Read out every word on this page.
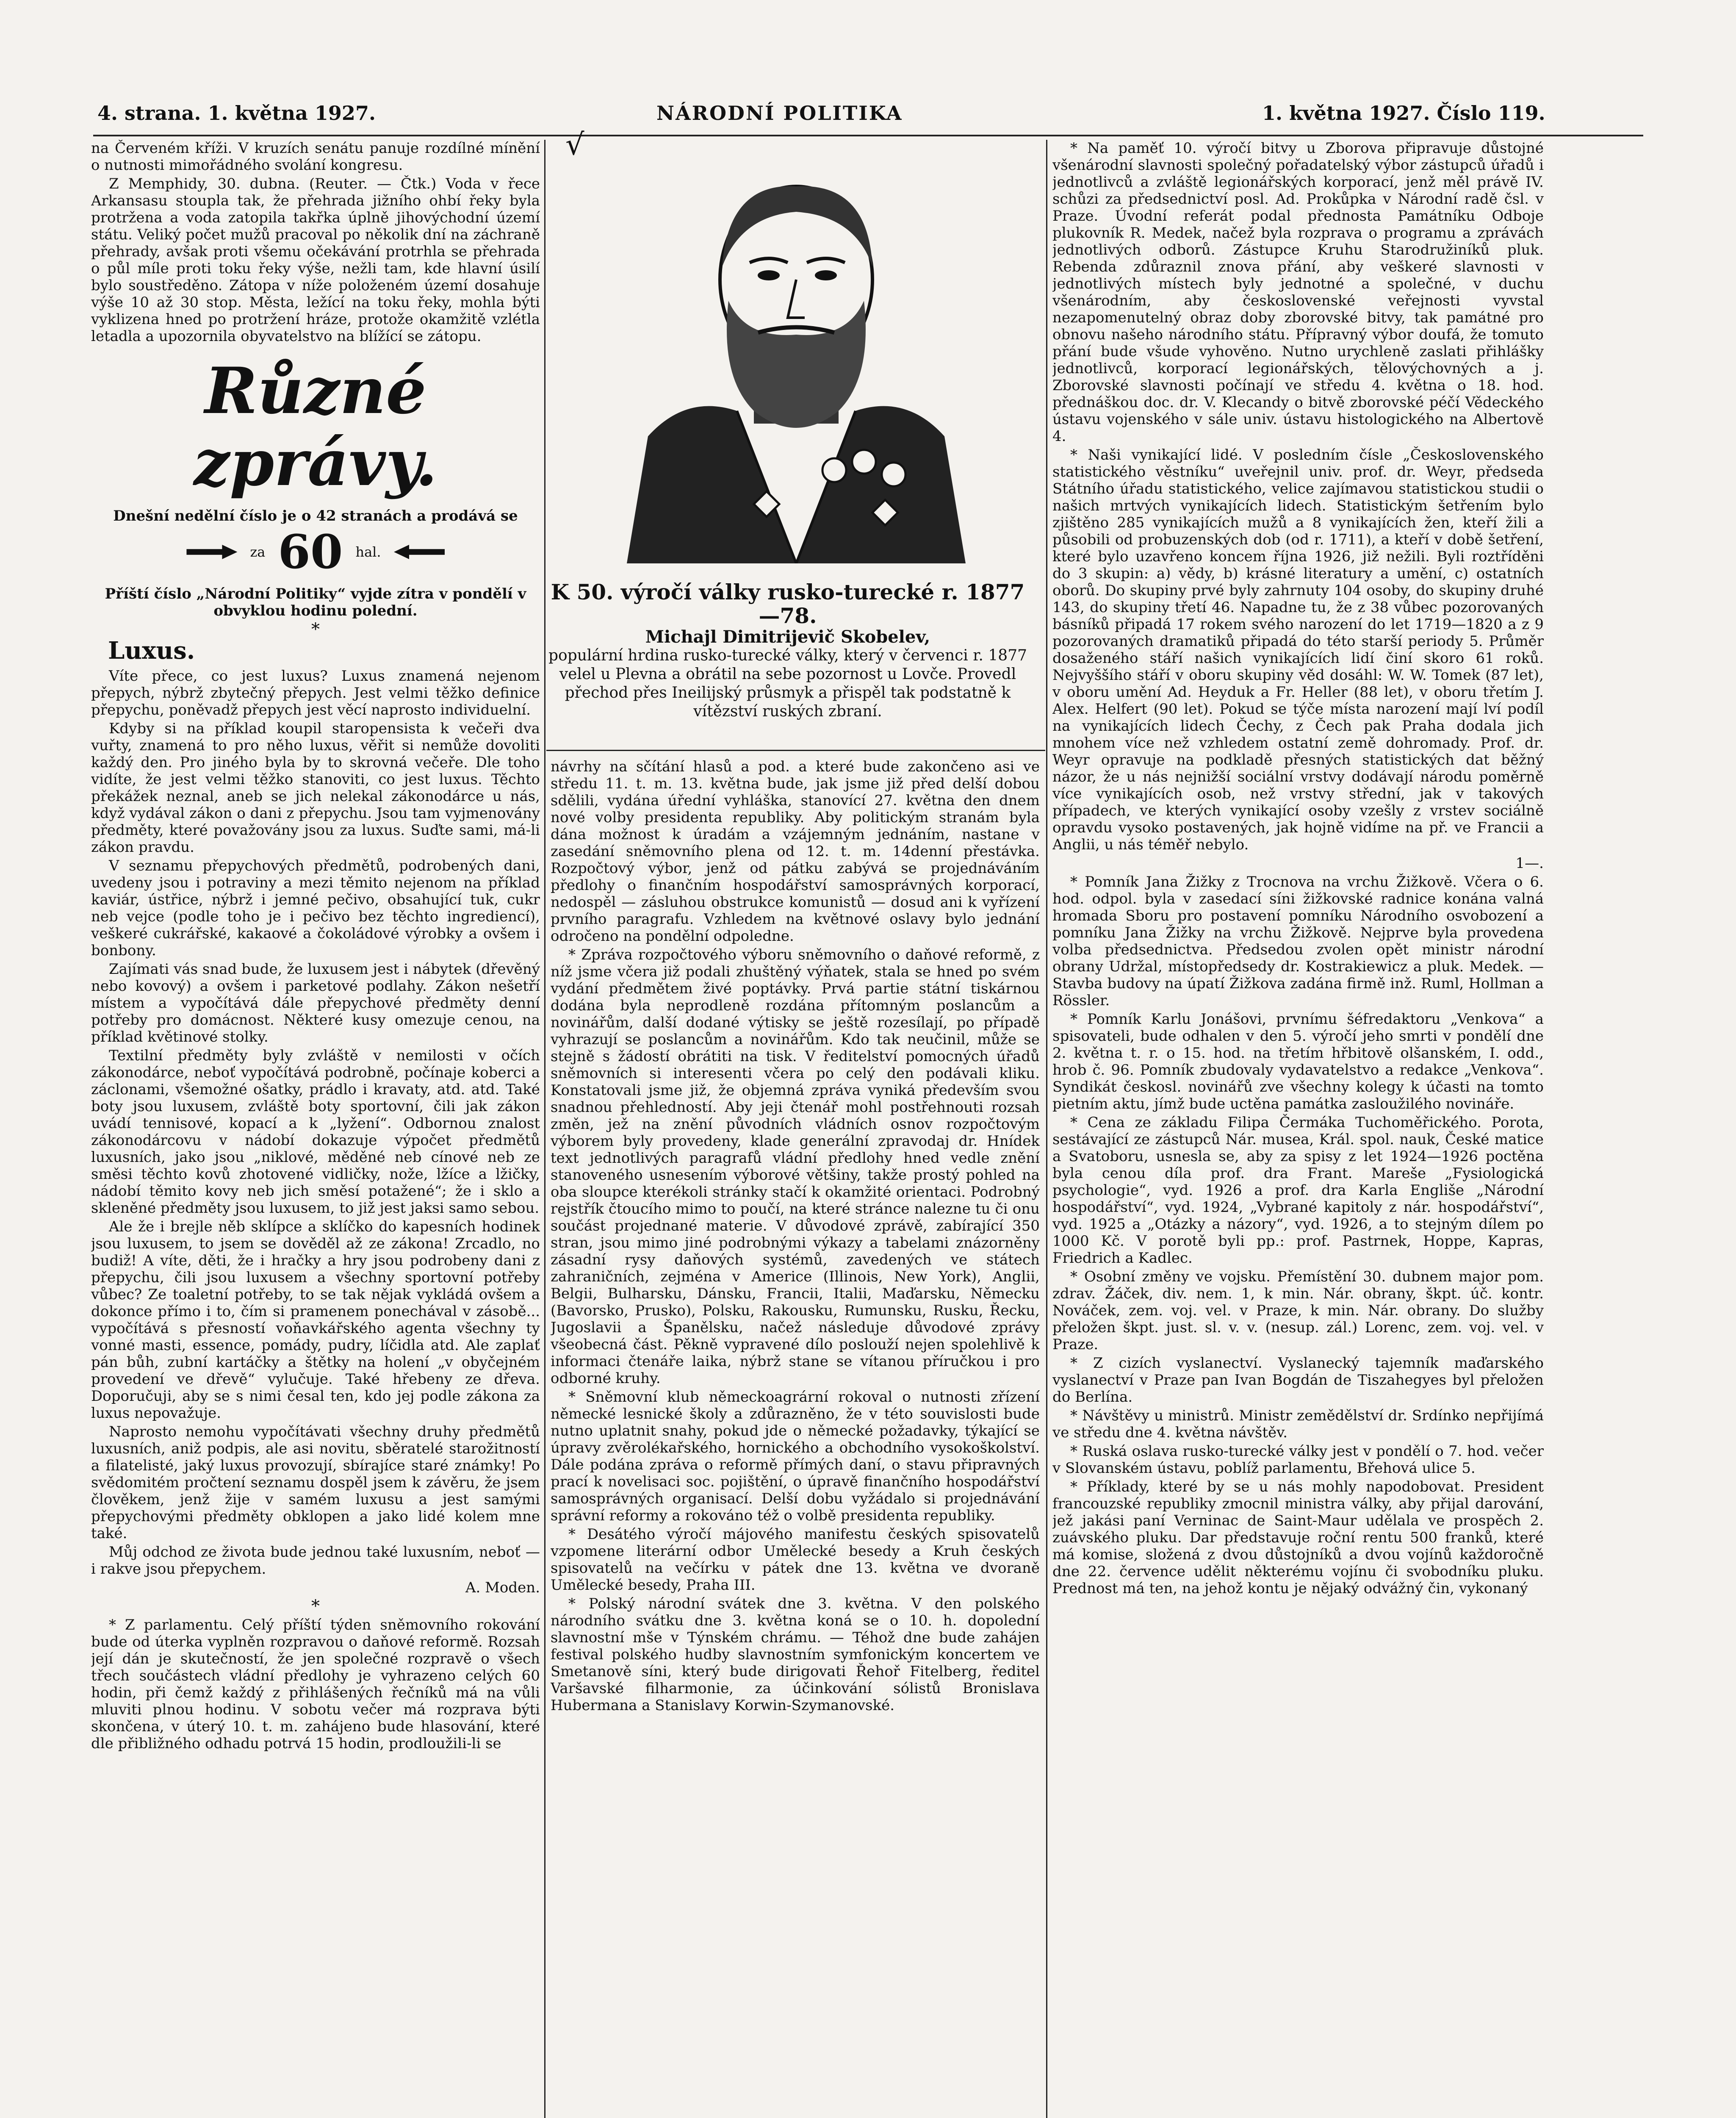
4. strana. 1. května 1927.	NÁRODNÍ POLITIKA	1. května 1927. Číslo 119.

na Červeném kříži. V kruzích senátu panuje rozdílné mínění o nutnosti mimořádného svolání kongresu.

Z Memphidy, 30. dubna. (Reuter. — Čtk.) Voda v řece Arkansasu stoupla tak, že přehrada jižního ohbí řeky byla protržena a voda zatopila takřka úplně jihovýchodní území státu. Veliký počet mužů pracoval po několik dní na záchraně přehrady, avšak proti všemu očekávání protrhla se přehrada o půl míle proti toku řeky výše, nežli tam, kde hlavní úsilí bylo soustředěno. Zátopa v níže položeném území dosahuje výše 10 až 30 stop. Města, ležící na toku řeky, mohla býti vyklizena hned po protržení hráze, protože okamžitě vzlétla letadla a upozornila obyvatelstvo na blížící se zátopu.

Různé zprávy.

Dnešní nedělní číslo je o 42 stranách a prodává se

za 60 hal.

Příští číslo „Národní Politiky“ vyjde zítra v pondělí v obvyklou hodinu polední.

*

Luxus.

Víte přece, co jest luxus? Luxus znamená nejenom přepych, nýbrž zbytečný přepych. Jest velmi těžko definice přepychu, poněvadž přepych jest věcí naprosto individuelní.

Kdyby si na příklad koupil staropensista k večeři dva vuřty, znamená to pro něho luxus, věřit si nemůže dovoliti každý den. Pro jiného byla by to skrovná večeře. Dle toho vidíte, že jest velmi těžko stanoviti, co jest luxus. Těchto překážek neznal, aneb se jich nelekal zákonodárce u nás, když vydával zákon o dani z přepychu. Jsou tam vyjmenovány předměty, které považovány jsou za luxus. Suďte sami, má-li zákon pravdu.

V seznamu přepychových předmětů, podrobených dani, uvedeny jsou i potraviny a mezi těmito nejenom na příklad kaviár, ústřice, nýbrž i jemné pečivo, obsahující tuk, cukr neb vejce (podle toho je i pečivo bez těchto ingrediencí), veškeré cukrářské, kakaové a čokoládové výrobky a ovšem i bonbony.

Zajímati vás snad bude, že luxusem jest i nábytek (dřevěný nebo kovový) a ovšem i parketové podlahy. Zákon nešetří místem a vypočítává dále přepychové předměty denní potřeby pro domácnost. Některé kusy omezuje cenou, na příklad květinové stolky.

Textilní předměty byly zvláště v nemilosti v očích zákonodárce, neboť vypočítává podrobně, počínaje koberci a záclonami, všemožné ošatky, prádlo i kravaty, atd. atd. Také boty jsou luxusem, zvláště boty sportovní, čili jak zákon uvádí tennisové, kopací a k „lyžení“. Odbornou znalost zákonodárcovu v nádobí dokazuje výpočet předmětů luxusních, jako jsou „niklové, měděné neb cínové neb ze směsi těchto kovů zhotovené vidličky, nože, lžíce a lžičky, nádobí těmito kovy neb jich směsí potažené“; že i sklo a skleněné předměty jsou luxusem, to již jest jaksi samo sebou.

Ale že i brejle něb sklípce a sklíčko do kapesních hodinek jsou luxusem, to jsem se dověděl až ze zákona! Zrcadlo, no budiž! A víte, děti, že i hračky a hry jsou podrobeny dani z přepychu, čili jsou luxusem a všechny sportovní potřeby vůbec? Ze toaletní potřeby, to se tak nějak vykládá ovšem a dokonce přímo i to, čím si pramenem ponechával v zásobě... vypočítává s přesností voňavkářského agenta všechny ty vonné masti, essence, pomády, pudry, líčidla atd. Ale zaplať pán bůh, zubní kartáčky a štětky na holení „v obyčejném provedení ve dřevě“ vylučuje. Také hřebeny ze dřeva. Doporučuji, aby se s nimi česal ten, kdo jej podle zákona za luxus nepovažuje.

Naprosto nemohu vypočítávati všechny druhy předmětů luxusních, aniž podpis, ale asi novitu, sběratelé starožitností a filatelisté, jaký luxus provozují, sbírajíce staré známky! Po svědomitém pročtení seznamu dospěl jsem k závěru, že jsem člověkem, jenž žije v samém luxusu a jest samými přepychovými předměty obklopen a jako lidé kolem mne také.

Můj odchod ze života bude jednou také luxusním, neboť — i rakve jsou přepychem.

A. Moden.

*

* Z parlamentu. Celý příští týden sněmovního rokování bude od úterka vyplněn rozpravou o daňové reformě. Rozsah její dán je skutečností, že jen společné rozpravě o všech třech součástech vládní předlohy je vyhrazeno celých 60 hodin, při čemž každý z přihlášených řečníků má na vůli mluviti plnou hodinu. V sobotu večer má rozprava býti skončena, v úterý 10. t. m. zahájeno bude hlasování, které dle přibližného odhadu potrvá 15 hodin, prodloužili-li se

√
K 50. výročí války rusko-turecké r. 1877—78.
Michajl Dimitrijevič Skobelev,
populární hrdina rusko-turecké války, který v červenci r. 1877 velel u Plevna a obrátil na sebe pozornost u Lovče. Provedl přechod přes Ineilijský průsmyk a přispěl tak podstatně k vítězství ruských zbraní.

návrhy na sčítání hlasů a pod. a které bude zakončeno asi ve středu 11. t. m. 13. května bude, jak jsme již před delší dobou sdělili, vydána úřední vyhláška, stanovící 27. května den dnem nové volby presidenta republiky. Aby politickým stranám byla dána možnost k úradám a vzájemným jednáním, nastane v zasedání sněmovního plena od 12. t. m. 14denní přestávka. Rozpočtový výbor, jenž od pátku zabývá se projednáváním předlohy o finančním hospodářství samosprávných korporací, nedospěl — zásluhou obstrukce komunistů — dosud ani k vyřízení prvního paragrafu. Vzhledem na květnové oslavy bylo jednání odročeno na pondělní odpoledne.

* Zpráva rozpočtového výboru sněmovního o daňové reformě, z níž jsme včera již podali zhuštěný výňatek, stala se hned po svém vydání předmětem živé poptávky. Prvá partie státní tiskárnou dodána byla neprodleně rozdána přítomným poslancům a novinářům, další dodané výtisky se ještě rozesílají, po případě vyhrazují se poslancům a novinářům. Kdo tak neučinil, může se stejně s žádostí obrátiti na tisk. V ředitelství pomocných úřadů sněmovních si interesenti včera po celý den podávali kliku. Konstatovali jsme již, že objemná zpráva vyniká především svou snadnou přehledností. Aby jeji čtenář mohl postřehnouti rozsah změn, jež na znění původních vládních osnov rozpočtovým výborem byly provedeny, klade generální zpravodaj dr. Hnídek text jednotlivých paragrafů vládní předlohy hned vedle znění stanoveného usnesením výborové většiny, takže prostý pohled na oba sloupce kterékoli stránky stačí k okamžité orientaci. Podrobný rejstřík čtoucího mimo to poučí, na které stránce nalezne tu či onu součást projednané materie. V důvodové zprávě, zabírající 350 stran, jsou mimo jiné podrobnými výkazy a tabelami znázorněny zásadní rysy daňových systémů, zavedených ve státech zahraničních, zejména v Americe (Illinois, New York), Anglii, Belgii, Bulharsku, Dánsku, Francii, Italii, Maďarsku, Německu (Bavorsko, Prusko), Polsku, Rakousku, Rumunsku, Rusku, Řecku, Jugoslavii a Španělsku, načež následuje důvodové zprávy všeobecná část. Pěkně vypravené dílo poslouží nejen spolehlivě k informaci čtenáře laika, nýbrž stane se vítanou příručkou i pro odborné kruhy.

* Sněmovní klub německoagrární rokoval o nutnosti zřízení německé lesnické školy a zdůrazněno, že v této souvislosti bude nutno uplatnit snahy, pokud jde o německé požadavky, týkající se úpravy zvěrolékařského, hornického a obchodního vysokoškolství. Dále podána zpráva o reformě přímých daní, o stavu připravných prací k novelisaci soc. pojištění, o úpravě finančního hospodářství samosprávných organisací. Delší dobu vyžádalo si projednávání správní reformy a rokováno též o volbě presidenta republiky.

* Desátého výročí májového manifestu českých spisovatelů vzpomene literární odbor Umělecké besedy a Kruh českých spisovatelů na večírku v pátek dne 13. května ve dvoraně Umělecké besedy, Praha III.

* Polský národní svátek dne 3. května. V den polského národního svátku dne 3. května koná se o 10. h. dopolední slavnostní mše v Týnském chrámu. — Téhož dne bude zahájen festival polského hudby slavnostním symfonickým koncertem ve Smetanově síni, který bude dirigovati Řehoř Fitelberg, ředitel Varšavské filharmonie, za účinkování sólistů Bronislava Hubermana a Stanislavy Korwin-Szymanovské.

* Na paměť 10. výročí bitvy u Zborova připravuje důstojné všenárodní slavnosti společný pořadatelský výbor zástupců úřadů i jednotlivců a zvláště legionářských korporací, jenž měl právě IV. schůzi za předsednictví posl. Ad. Prokůpka v Národní radě čsl. v Praze. Úvodní referát podal přednosta Památníku Odboje plukovník R. Medek, načež byla rozprava o programu a zprávách jednotlivých odborů. Zástupce Kruhu Starodružiníků pluk. Rebenda zdůraznil znova přání, aby veškeré slavnosti v jednotlivých místech byly jednotné a společné, v duchu všenárodním, aby československé veřejnosti vyvstal nezapomenutelný obraz doby zborovské bitvy, tak památné pro obnovu našeho národního státu. Přípravný výbor doufá, že tomuto přání bude všude vyhověno. Nutno urychleně zaslati přihlášky jednotlivců, korporací legionářských, tělovýchovných a j. Zborovské slavnosti počínají ve středu 4. května o 18. hod. přednáškou doc. dr. V. Klecandy o bitvě zborovské péčí Vědeckého ústavu vojenského v sále univ. ústavu histologického na Albertově 4.

* Naši vynikající lidé. V posledním čísle „Československého statistického věstníku“ uveřejnil univ. prof. dr. Weyr, předseda Státního úřadu statistického, velice zajímavou statistickou studii o našich mrtvých vynikajících lidech. Statistickým šetřením bylo zjištěno 285 vynikajících mužů a 8 vynikajících žen, kteří žili a působili od probuzenských dob (od r. 1711), a kteří v době šetření, které bylo uzavřeno koncem října 1926, již nežili. Byli roztříděni do 3 skupin: a) vědy, b) krásné literatury a umění, c) ostatních oborů. Do skupiny prvé byly zahrnuty 104 osoby, do skupiny druhé 143, do skupiny třetí 46. Napadne tu, že z 38 vůbec pozorovaných básníků připadá 17 rokem svého narození do let 1719—1820 a z 9 pozorovaných dramatiků připadá do této starší periody 5. Průměr dosaženého stáří našich vynikajících lidí činí skoro 61 roků. Nejvyššího stáří v oboru skupiny věd dosáhl: W. W. Tomek (87 let), v oboru umění Ad. Heyduk a Fr. Heller (88 let), v oboru třetím J. Alex. Helfert (90 let). Pokud se týče místa narození mají lví podíl na vynikajících lidech Čechy, z Čech pak Praha dodala jich mnohem více než vzhledem ostatní země dohromady. Prof. dr. Weyr opravuje na podkladě přesných statistických dat běžný názor, že u nás nejnižší sociální vrstvy dodávají národu poměrně více vynikajících osob, než vrstvy střední, jak v takových případech, ve kterých vynikající osoby vzešly z vrstev sociálně opravdu vysoko postavených, jak hojně vidíme na př. ve Francii a Anglii, u nás téměř nebylo.

1—.

* Pomník Jana Žižky z Trocnova na vrchu Žižkově. Včera o 6. hod. odpol. byla v zasedací síni žižkovské radnice konána valná hromada Sboru pro postavení pomníku Národního osvobození a pomníku Jana Žižky na vrchu Žižkově. Nejprve byla provedena volba předsednictva. Předsedou zvolen opět ministr národní obrany Udržal, místopředsedy dr. Kostrakiewicz a pluk. Medek. — Stavba budovy na úpatí Žižkova zadána firmě inž. Ruml, Hollman a Rössler.

* Pomník Karlu Jonášovi, prvnímu šéfredaktoru „Venkova“ a spisovateli, bude odhalen v den 5. výročí jeho smrti v pondělí dne 2. května t. r. o 15. hod. na třetím hřbitově olšanském, I. odd., hrob č. 96. Pomník zbudovaly vydavatelstvo a redakce „Venkova“. Syndikát českosl. novinářů zve všechny kolegy k účasti na tomto pietním aktu, jímž bude uctěna památka zasloužilého novináře.

* Cena ze základu Filipa Čermáka Tuchoměřického. Porota, sestávající ze zástupců Nár. musea, Král. spol. nauk, České matice a Svatoboru, usnesla se, aby za spisy z let 1924—1926 poctěna byla cenou díla prof. dra Frant. Mareše „Fysiologická psychologie“, vyd. 1926 a prof. dra Karla Engliše „Národní hospodářství“, vyd. 1924, „Vybrané kapitoly z nár. hospodářství“, vyd. 1925 a „Otázky a názory“, vyd. 1926, a to stejným dílem po 1000 Kč. V porotě byli pp.: prof. Pastrnek, Hoppe, Kapras, Friedrich a Kadlec.

* Osobní změny ve vojsku. Přemístění 30. dubnem major pom. zdrav. Žáček, div. nem. 1, k min. Nár. obrany, škpt. úč. kontr. Nováček, zem. voj. vel. v Praze, k min. Nár. obrany. Do služby přeložen škpt. just. sl. v. v. (nesup. zál.) Lorenc, zem. voj. vel. v Praze.

* Z cizích vyslanectví. Vyslanecký tajemník maďarského vyslanectví v Praze pan Ivan Bogdán de Tiszahegyes byl přeložen do Berlína.

* Návštěvy u ministrů. Ministr zemědělství dr. Srdínko nepřijímá ve středu dne 4. května návštěv.

* Ruská oslava rusko-turecké války jest v pondělí o 7. hod. večer v Slovanském ústavu, poblíž parlamentu, Břehová ulice 5.

* Příklady, které by se u nás mohly napodobovat. President francouzské republiky zmocnil ministra války, aby přijal darování, jež jakási paní Verninac de Saint-Maur udělala ve prospěch 2. zuávského pluku. Dar představuje roční rentu 500 franků, které má komise, složená z dvou důstojníků a dvou vojínů každoročně dne 22. července udělit některému vojínu či svobodníku pluku. Prednost má ten, na jehož kontu je nějaký odvážný čin, vykonaný
